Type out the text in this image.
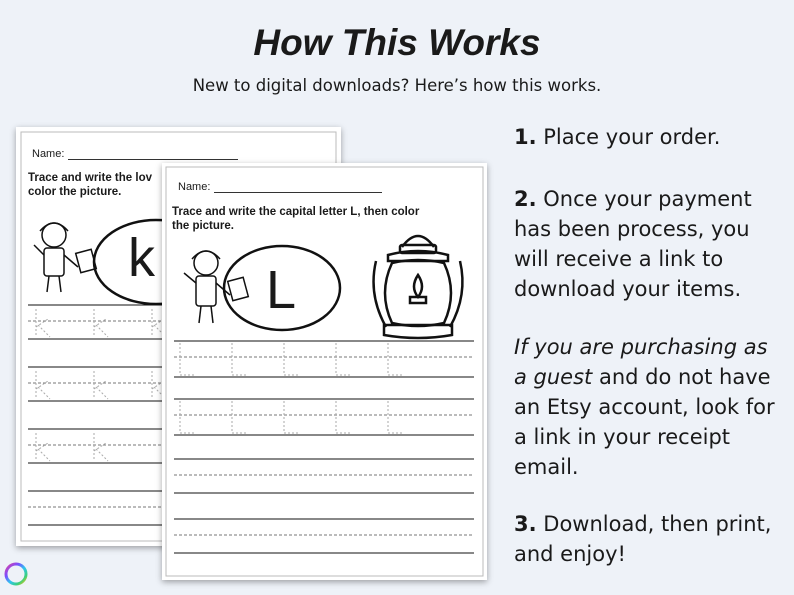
How This Works

New to digital downloads? Here’s how this works.

Name:

Trace and write the lov
color the picture.

k
Name:

Trace and write the capital letter L, then color
the picture.

L

1. Place your order.

2. Once your payment has been process, you will receive a link to download your items.

If you are purchasing as a guest and do not have an Etsy account, look for a link in your receipt email.

3. Download, then print, and enjoy!
